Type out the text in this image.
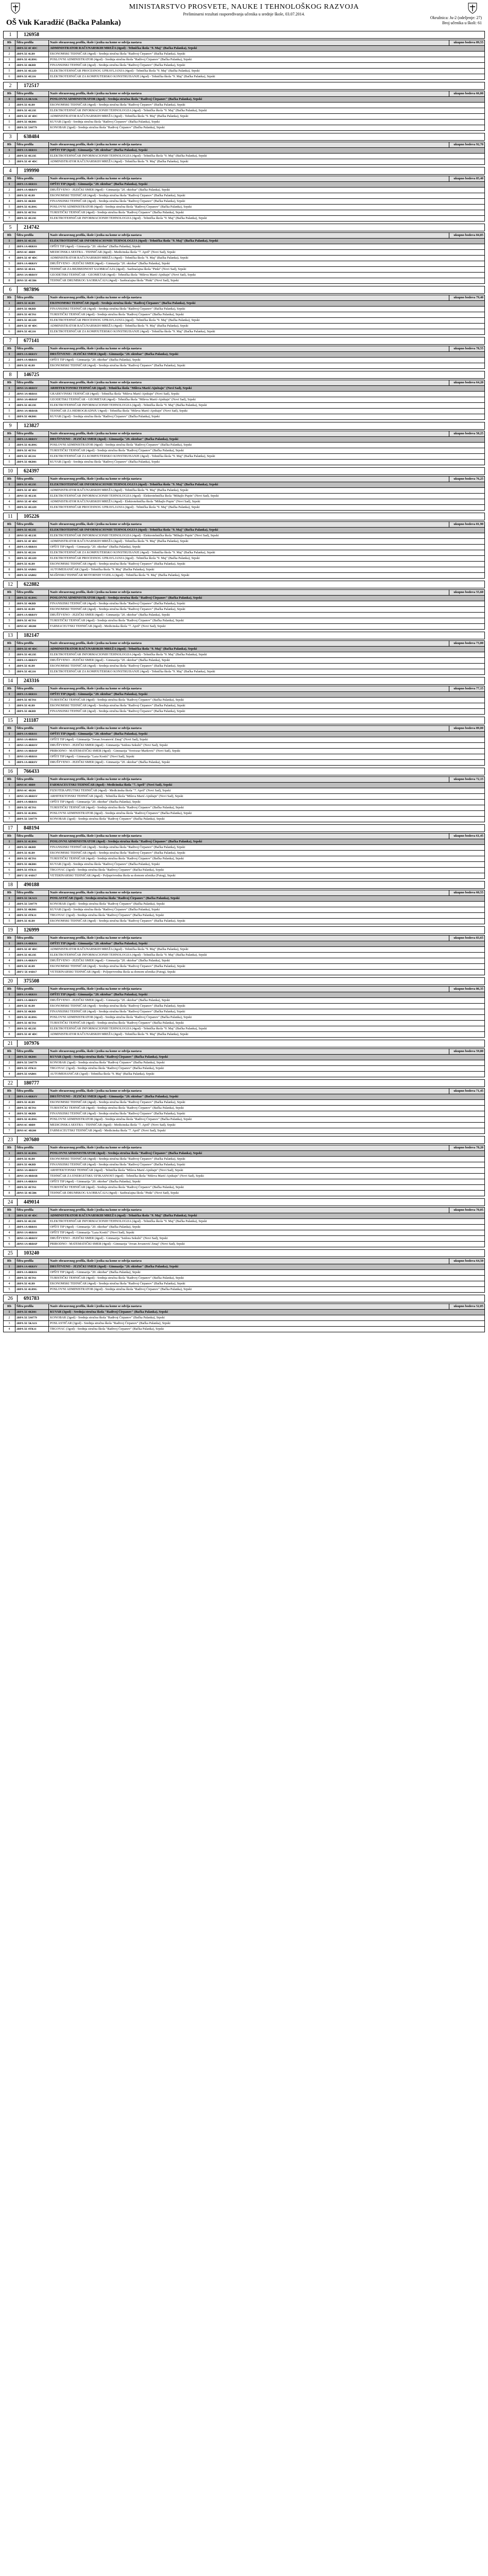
MINISTARSTVO PROSVETE, NAUKE I TEHNOLOŠKOG RAZVOJA
Preliminarni rezultati raspoređivanja učenika u srednje škole, 03.07.2014.
OŠ Vuk Karadžić (Bačka Palanka)
Okružnica: Ju-2 (odeljenje: 27)
Broj učenika u školi: 61
1	126958
Rb	Šifra profila	Naziv obrazovnog profila, škole i jezika na kome se odvija nastava	ukupno bodova 89,55
1	2BPA 5E 4F 4DC	ADMINISTRATOR RAČUNARSKIH MREŽA (4god) - Tehnička škola "9. Maj" (Bačka Palanka), Srpski	
2	2BPA 5E 4LB9	EKONOMSKI TEHNIČAR (4god) - Srednja stručna škola "Radivoj Ćirpanov" (Bačka Palanka), Srpski	
3	2BPA 5E 4LB9G	POSLOVNI ADMINISTRATOR (4god) - Srednja stručna škola "Radivoj Ćirpanov" (Bačka Palanka), Srpski	
4	2BPA 5E 4KBD	FINANSIJSKI TEHNIČAR (4god) - Srednja stručna škola "Radivoj Ćirpanov" (Bačka Palanka), Srpski	
5	2BPA 5E 4E22D	ELEKTROTEHNIČAR PROCESNOG UPRAVLJANJA (4god) - Tehnička škola "9. Maj" (Bačka Palanka), Srpski	
6	2BPA 5E 4E216	ELEKTROTEHNIČAR ZA KOMPJUTERSKO KONSTRUISANJE (4god) - Tehnička škola "9. Maj" (Bačka Palanka), Srpski	
2	172517
Rb	Šifra profila	Naziv obrazovnog profila, škole i jezika na kome se odvija nastava	ukupno bodova 66,00
1	2BPA 1A 4KA1K	POSLOVNI ADMINISTRATOR (4god) - Srednja stručna škola "Radivoj Ćirpanov" (Bačka Palanka), Srpski	
2	2BPA 5E 4LB9	EKONOMSKI TEHNIČAR (4god) - Srednja stručna škola "Radivoj Ćirpanov" (Bačka Palanka), Srpski	
3	2BPA 5E 4E23E	ELEKTROTEHNIČAR INFORMACIONIH TEHNOLOGIJA (4god) - Tehnička škola "9. Maj" (Bačka Palanka), Srpski	
4	2BPA 5E 4F 4DC	ADMINISTRATOR RAČUNARSKIH MREŽA (4god) - Tehnička škola "9. Maj" (Bačka Palanka), Srpski	
5	2BPA 5E 4KB01	KUVAR (3god) - Srednja stručna škola "Radivoj Ćirpanov" (Bačka Palanka), Srpski	
6	2BPA 5E 5S0779	KONOBAR (3god) - Srednja stručna škola "Radivoj Ćirpanov" (Bačka Palanka), Srpski	
3	638484
Rb	Šifra profila	Naziv obrazovnog profila, škole i jezika na kome se odvija nastava	ukupno bodova 92,70
1	2BPA 1A 4RRSS	OPŠTI TIP (4god) - Gimnazija "20. oktobar" (Bačka Palanka), Srpski	
2	2BPA 5E 4E23E	ELEKTROTEHNIČAR INFORMACIONIH TEHNOLOGIJA (4god) - Tehnička škola "9. Maj" (Bačka Palanka), Srpski	
3	2BPA 5E 4F 4DC	ADMINISTRATOR RAČUNARSKIH MREŽA (4god) - Tehnička škola "9. Maj" (Bačka Palanka), Srpski	
4	199990
Rb	Šifra profila	Naziv obrazovnog profila, škole i jezika na kome se odvija nastava	ukupno bodova 85,40
1	2BPA 1A 4RRSS	OPŠTI TIP (4god) - Gimnazija "20. oktobar" (Bačka Palanka), Srpski	
2	2BPA 1A 4RRSV	DRUŠTVENO - JEZIČKI SMER (4god) - Gimnazija "20. oktobar" (Bačka Palanka), Srpski	
3	2BPA 5E 4LB9	EKONOMSKI TEHNIČAR (4god) - Srednja stručna škola "Radivoj Ćirpanov" (Bačka Palanka), Srpski	
4	2BPA 5E 4KBD	FINANSIJSKI TEHNIČAR (4god) - Srednja stručna škola "Radivoj Ćirpanov" (Bačka Palanka), Srpski	
5	2BPA 5E 4LB9G	POSLOVNI ADMINISTRATOR (4god) - Srednja stručna škola "Radivoj Ćirpanov" (Bačka Palanka), Srpski	
6	2BPA 5E 4ET61	TURISTIČKI TEHNIČAR (4god) - Srednja stručna škola "Radivoj Ćirpanov" (Bačka Palanka), Srpski	
7	2BPA 5E 4E23E	ELEKTROTEHNIČAR INFORMACIONIH TEHNOLOGIJA (4god) - Tehnička škola "9. Maj" (Bačka Palanka), Srpski	
5	214742
Rb	Šifra profila	Naziv obrazovnog profila, škole i jezika na kome se odvija nastava	ukupno bodova 84,85
1	2BPA 5E 4E23E	ELEKTROTEHNIČAR INFORMACIONIH TEHNOLOGIJA (4god) - Tehnička škola "9. Maj" (Bačka Palanka), Srpski	
2	2BPA 1A 4RRSS	OPŠTI TIP (4god) - Gimnazija "20. oktobar" (Bačka Palanka), Srpski	
3	2BNS 6C 4BB9	MEDICINSKA SESTRA - TEHNIČAR (4god) - Medicinska škola "7. April" (Novi Sad), Srpski	
4	2BPA 5E 4F 4DC	ADMINISTRATOR RAČUNARSKIH MREŽA (4god) - Tehnička škola "9. Maj" (Bačka Palanka), Srpski	
5	2BPA 1A 4RRSV	DRUŠTVENO - JEZIČKI SMER (4god) - Gimnazija "20. oktobar" (Bačka Palanka), Srpski	
6	2BNS 5E 4E4A	TEHNIČAR ZA BEZBEDNOST SAOBRAĆAJA (4god) - Saobraćajna škola "Pinki" (Novi Sad), Srpski	
7	2BNS 3A 4RRSV	GEODETSKI TEHNIČAR - GEOMETAR (4god) - Tehnička škola "Mileva Marić-Ajnštajn" (Novi Sad), Srpski	
8	2BNS 5E 4E5B6	TEHNIČAR DRUMSKOG SAOBRAĆAJA (4god) - Saobraćajna škola "Pinki" (Novi Sad), Srpski	
6	987896
Rb	Šifra profila	Naziv obrazovnog profila, škole i jezika na kome se odvija nastava	ukupno bodova 79,40
1	2BPA 5E 4LB9	EKONOMSKI TEHNIČAR (4god) - Srednja stručna škola "Radivoj Ćirpanov" (Bačka Palanka), Srpski	
2	2BPA 5E 4KBD	FINANSIJSKI TEHNIČAR (4god) - Srednja stručna škola "Radivoj Ćirpanov" (Bačka Palanka), Srpski	
3	2BPA 5E 4ET61	TURISTIČKI TEHNIČAR (4god) - Srednja stručna škola "Radivoj Ćirpanov" (Bačka Palanka), Srpski	
4	2BPA 5E 4E22D	ELEKTROTEHNIČAR PROCESNOG UPRAVLJANJA (4god) - Tehnička škola "9. Maj" (Bačka Palanka), Srpski	
5	2BPA 5E 4F 4DC	ADMINISTRATOR RAČUNARSKIH MREŽA (4god) - Tehnička škola "9. Maj" (Bačka Palanka), Srpski	
6	2BPA 5E 4E216	ELEKTROTEHNIČAR ZA KOMPJUTERSKO KONSTRUISANJE (4god) - Tehnička škola "9. Maj" (Bačka Palanka), Srpski	
7	677141
Rb	Šifra profila	Naziv obrazovnog profila, škole i jezika na kome se odvija nastava	ukupno bodova 78,55
1	2BPA 1A 4RRSV	DRUŠTVENO - JEZIČKI SMER (4god) - Gimnazija "20. oktobar" (Bačka Palanka), Srpski	
2	2BPA 1A 4RRSS	OPŠTI TIP (4god) - Gimnazija "20. oktobar" (Bačka Palanka), Srpski	
3	2BPA 5E 4LB9	EKONOMSKI TEHNIČAR (4god) - Srednja stručna škola "Radivoj Ćirpanov" (Bačka Palanka), Srpski	
8	146725
Rb	Šifra profila	Naziv obrazovnog profila, škole i jezika na kome se odvija nastava	ukupno bodova 64,20
1	2BNS 3A 4RRSV	ARHITEKTONSKI TEHNIČAR (4god) - Tehnička škola "Mileva Marić-Ajnštajn" (Novi Sad), Srpski	
2	2BNS 3A 4RRSS	GRAĐEVINSKI TEHNIČAR (4god) - Tehnička škola "Mileva Marić-Ajnštajn" (Novi Sad), Srpski	
3	2BNS 3A 4RRSP	GEODETSKI TEHNIČAR - GEOMETAR (4god) - Tehnička škola "Mileva Marić-Ajnštajn" (Novi Sad), Srpski	
4	2BPA 5E 4E23E	ELEKTROTEHNIČAR INFORMACIONIH TEHNOLOGIJA (4god) - Tehnička škola "9. Maj" (Bačka Palanka), Srpski	
5	2BNS 3A 4RRSR	TEHNIČAR ZA HIDROGRADNJU (4god) - Tehnička škola "Mileva Marić-Ajnštajn" (Novi Sad), Srpski	
6	2BPA 5E 4KB01	KUVAR (3god) - Srednja stručna škola "Radivoj Ćirpanov" (Bačka Palanka), Srpski	
9	123827
Rb	Šifra profila	Naziv obrazovnog profila, škole i jezika na kome se odvija nastava	ukupno bodova 58,25
1	2BPA 1A 4RRSV	DRUŠTVENO - JEZIČKI SMER (4god) - Gimnazija "20. oktobar" (Bačka Palanka), Srpski	
2	2BPA 5E 4LB9G	POSLOVNI ADMINISTRATOR (4god) - Srednja stručna škola "Radivoj Ćirpanov" (Bačka Palanka), Srpski	
3	2BPA 5E 4ET61	TURISTIČKI TEHNIČAR (4god) - Srednja stručna škola "Radivoj Ćirpanov" (Bačka Palanka), Srpski	
4	2BPA 5E 4E216	ELEKTROTEHNIČAR ZA KOMPJUTERSKO KONSTRUISANJE (4god) - Tehnička škola "9. Maj" (Bačka Palanka), Srpski	
5	2BPA 5E 4KB01	KUVAR (3god) - Srednja stručna škola "Radivoj Ćirpanov" (Bačka Palanka), Srpski	
10	624397
Rb	Šifra profila	Naziv obrazovnog profila, škole i jezika na kome se odvija nastava	ukupno bodova 76,25
1	2BPA 5E 4E23E	ELEKTROTEHNIČAR INFORMACIONIH TEHNOLOGIJA (4god) - Tehnička škola "9. Maj" (Bačka Palanka), Srpski	
2	2BPA 5E 4F 4DC	ADMINISTRATOR RAČUNARSKIH MREŽA (4god) - Tehnička škola "9. Maj" (Bačka Palanka), Srpski	
3	2BNS 5E 4E23E	ELEKTROTEHNIČAR INFORMACIONIH TEHNOLOGIJA (4god) - Elektrotehnička škola "Mihajlo Pupin" (Novi Sad), Srpski	
4	2BNS 5E 4F 4DC	ADMINISTRATOR RAČUNARSKIH MREŽA (4god) - Elektrotehnička škola "Mihajlo Pupin" (Novi Sad), Srpski	
5	2BPA 5E 4E22D	ELEKTROTEHNIČAR PROCESNOG UPRAVLJANJA (4god) - Tehnička škola "9. Maj" (Bačka Palanka), Srpski	
11	105226
Rb	Šifra profila	Naziv obrazovnog profila, škole i jezika na kome se odvija nastava	ukupno bodova 81,90
1	2BPA 5E 4E23E	ELEKTROTEHNIČAR INFORMACIONIH TEHNOLOGIJA (4god) - Tehnička škola "9. Maj" (Bačka Palanka), Srpski	
2	2BNS 5E 4E23E	ELEKTROTEHNIČAR INFORMACIONIH TEHNOLOGIJA (4god) - Elektrotehnička škola "Mihajlo Pupin" (Novi Sad), Srpski	
3	2BPA 5E 4F 4DC	ADMINISTRATOR RAČUNARSKIH MREŽA (4god) - Tehnička škola "9. Maj" (Bačka Palanka), Srpski	
4	2BPA 1A 4RRSS	OPŠTI TIP (4god) - Gimnazija "20. oktobar" (Bačka Palanka), Srpski	
5	2BPA 5E 4E216	ELEKTROTEHNIČAR ZA KOMPJUTERSKO KONSTRUISANJE (4god) - Tehnička škola "9. Maj" (Bačka Palanka), Srpski	
6	2BPA 5E 4E22D	ELEKTROTEHNIČAR PROCESNOG UPRAVLJANJA (4god) - Tehnička škola "9. Maj" (Bačka Palanka), Srpski	
7	2BPA 5E 4LB9	EKONOMSKI TEHNIČAR (4god) - Srednja stručna škola "Radivoj Ćirpanov" (Bačka Palanka), Srpski	
8	2BPA 5E 4AB01	AUTOMEHANIČAR (3god) - Tehnička škola "9. Maj" (Bačka Palanka), Srpski	
9	2BPA 5E 4AB02	MAŠINSKI TEHNIČAR MOTORNIH VOZILA (4god) - Tehnička škola "9. Maj" (Bačka Palanka), Srpski	
12	622882
Rb	Šifra profila	Naziv obrazovnog profila, škole i jezika na kome se odvija nastava	ukupno bodova 55,60
1	2BPA 5E 4LB9G	POSLOVNI ADMINISTRATOR (4god) - Srednja stručna škola "Radivoj Ćirpanov" (Bačka Palanka), Srpski	
2	2BPA 5E 4KBD	FINANSIJSKI TEHNIČAR (4god) - Srednja stručna škola "Radivoj Ćirpanov" (Bačka Palanka), Srpski	
3	2BPA 5E 4LB9	EKONOMSKI TEHNIČAR (4god) - Srednja stručna škola "Radivoj Ćirpanov" (Bačka Palanka), Srpski	
4	2BPA 1A 4RRSV	DRUŠTVENO - JEZIČKI SMER (4god) - Gimnazija "20. oktobar" (Bačka Palanka), Srpski	
5	2BPA 5E 4ET61	TURISTIČKI TEHNIČAR (4god) - Srednja stručna škola "Radivoj Ćirpanov" (Bačka Palanka), Srpski	
6	2BNS 6C 4B200	FARMACEUTSKI TEHNIČAR (4god) - Medicinska škola "7. April" (Novi Sad), Srpski	
13	182147
Rb	Šifra profila	Naziv obrazovnog profila, škole i jezika na kome se odvija nastava	ukupno bodova 73,00
1	2BPA 5E 4F 4DC	ADMINISTRATOR RAČUNARSKIH MREŽA (4god) - Tehnička škola "9. Maj" (Bačka Palanka), Srpski	
2	2BPA 5E 4E23E	ELEKTROTEHNIČAR INFORMACIONIH TEHNOLOGIJA (4god) - Tehnička škola "9. Maj" (Bačka Palanka), Srpski	
3	2BPA 1A 4RRSV	DRUŠTVENO - JEZIČKI SMER (4god) - Gimnazija "20. oktobar" (Bačka Palanka), Srpski	
4	2BPA 5E 4LB9	EKONOMSKI TEHNIČAR (4god) - Srednja stručna škola "Radivoj Ćirpanov" (Bačka Palanka), Srpski	
5	2BPA 5E 4E216	ELEKTROTEHNIČAR ZA KOMPJUTERSKO KONSTRUISANJE (4god) - Tehnička škola "9. Maj" (Bačka Palanka), Srpski	
14	243316
Rb	Šifra profila	Naziv obrazovnog profila, škole i jezika na kome se odvija nastava	ukupno bodova 77,15
1	2BPA 1A 4RRSS	OPŠTI TIP (4god) - Gimnazija "20. oktobar" (Bačka Palanka), Srpski	
2	2BPA 5E 4ET61	TURISTIČKI TEHNIČAR (4god) - Srednja stručna škola "Radivoj Ćirpanov" (Bačka Palanka), Srpski	
3	2BPA 5E 4LB9	EKONOMSKI TEHNIČAR (4god) - Srednja stručna škola "Radivoj Ćirpanov" (Bačka Palanka), Srpski	
4	2BPA 5E 4KBD	FINANSIJSKI TEHNIČAR (4god) - Srednja stručna škola "Radivoj Ćirpanov" (Bačka Palanka), Srpski	
15	211187
Rb	Šifra profila	Naziv obrazovnog profila, škole i jezika na kome se odvija nastava	ukupno bodova 89,00
1	2BPA 1A 4RRSS	OPŠTI TIP (4god) - Gimnazija "20. oktobar" (Bačka Palanka), Srpski	
2	2BNS 1A 4RRSS	OPŠTI TIP (4god) - Gimnazija "Jovan Jovanović Zmaj" (Novi Sad), Srpski	
3	2BNS 1A 4RRSV	DRUŠTVENO - JEZIČKI SMER (4god) - Gimnazija "Isidora Sekulić" (Novi Sad), Srpski	
4	2BNS 1A 4RRSP	PRIRODNO - MATEMATIČKI SMER (4god) - Gimnazija "Svetozar Marković" (Novi Sad), Srpski	
5	2BNS 1A 4RRSS	OPŠTI TIP (4god) - Gimnazija "Laza Kostić" (Novi Sad), Srpski	
6	2BPA 1A 4RRSV	DRUŠTVENO - JEZIČKI SMER (4god) - Gimnazija "20. oktobar" (Bačka Palanka), Srpski	
16	766433
Rb	Šifra profila	Naziv obrazovnog profila, škole i jezika na kome se odvija nastava	ukupno bodova 72,15
1	2BNS 6C 4BB9	FARMACEUTSKI TEHNIČAR (4god) - Medicinska škola "7. April" (Novi Sad), Srpski	
2	2BNS 6C 4B201	FIZIOTERAPEUTSKI TEHNIČAR (4god) - Medicinska škola "7. April" (Novi Sad), Srpski	
3	2BNS 3A 4RRSV	ARHITEKTONSKI TEHNIČAR (4god) - Tehnička škola "Mileva Marić-Ajnštajn" (Novi Sad), Srpski	
4	2BPA 1A 4RRSS	OPŠTI TIP (4god) - Gimnazija "20. oktobar" (Bačka Palanka), Srpski	
5	2BPA 5E 4ET61	TURISTIČKI TEHNIČAR (4god) - Srednja stručna škola "Radivoj Ćirpanov" (Bačka Palanka), Srpski	
6	2BPA 5E 4LB9G	POSLOVNI ADMINISTRATOR (4god) - Srednja stručna škola "Radivoj Ćirpanov" (Bačka Palanka), Srpski	
7	2BPA 5E 5S0779	KONOBAR (3god) - Srednja stručna škola "Radivoj Ćirpanov" (Bačka Palanka), Srpski	
17	848194
Rb	Šifra profila	Naziv obrazovnog profila, škole i jezika na kome se odvija nastava	ukupno bodova 61,45
1	2BPA 5E 4LB9G	POSLOVNI ADMINISTRATOR (4god) - Srednja stručna škola "Radivoj Ćirpanov" (Bačka Palanka), Srpski	
2	2BPA 5E 4KBD	FINANSIJSKI TEHNIČAR (4god) - Srednja stručna škola "Radivoj Ćirpanov" (Bačka Palanka), Srpski	
3	2BPA 5E 4LB9	EKONOMSKI TEHNIČAR (4god) - Srednja stručna škola "Radivoj Ćirpanov" (Bačka Palanka), Srpski	
4	2BPA 5E 4ET61	TURISTIČKI TEHNIČAR (4god) - Srednja stručna škola "Radivoj Ćirpanov" (Bačka Palanka), Srpski	
5	2BPA 5E 4KB01	KUVAR (3god) - Srednja stručna škola "Radivoj Ćirpanov" (Bačka Palanka), Srpski	
6	2BPA 5E 4TK11	TRGOVAC (3god) - Srednja stručna škola "Radivoj Ćirpanov" (Bačka Palanka), Srpski	
7	2BFU 5E 4AB17	VETERINARSKI TEHNIČAR (4god) - Poljoprivredna škola sa domom učenika (Futog), Srpski	
18	490188
Rb	Šifra profila	Naziv obrazovnog profila, škole i jezika na kome se odvija nastava	ukupno bodova 60,55
1	2BPA 5E 5KA1S	POSLASTIČAR (3god) - Srednja stručna škola "Radivoj Ćirpanov" (Bačka Palanka), Srpski	
2	2BPA 5E 5S0779	KONOBAR (3god) - Srednja stručna škola "Radivoj Ćirpanov" (Bačka Palanka), Srpski	
3	2BPA 5E 4KB01	KUVAR (3god) - Srednja stručna škola "Radivoj Ćirpanov" (Bačka Palanka), Srpski	
4	2BPA 5E 4TK11	TRGOVAC (3god) - Srednja stručna škola "Radivoj Ćirpanov" (Bačka Palanka), Srpski	
5	2BPA 5E 4LB9	EKONOMSKI TEHNIČAR (4god) - Srednja stručna škola "Radivoj Ćirpanov" (Bačka Palanka), Srpski	
19	126999
Rb	Šifra profila	Naziv obrazovnog profila, škole i jezika na kome se odvija nastava	ukupno bodova 83,65
1	2BPA 1A 4RRSS	OPŠTI TIP (4god) - Gimnazija "20. oktobar" (Bačka Palanka), Srpski	
2	2BPA 5E 4F 4DC	ADMINISTRATOR RAČUNARSKIH MREŽA (4god) - Tehnička škola "9. Maj" (Bačka Palanka), Srpski	
3	2BPA 5E 4E23E	ELEKTROTEHNIČAR INFORMACIONIH TEHNOLOGIJA (4god) - Tehnička škola "9. Maj" (Bačka Palanka), Srpski	
4	2BPA 1A 4RRSV	DRUŠTVENO - JEZIČKI SMER (4god) - Gimnazija "20. oktobar" (Bačka Palanka), Srpski	
5	2BPA 5E 4LB9	EKONOMSKI TEHNIČAR (4god) - Srednja stručna škola "Radivoj Ćirpanov" (Bačka Palanka), Srpski	
6	2BFU 5E 4AB17	VETERINARSKI TEHNIČAR (4god) - Poljoprivredna škola sa domom učenika (Futog), Srpski	
20	375508
Rb	Šifra profila	Naziv obrazovnog profila, škole i jezika na kome se odvija nastava	ukupno bodova 86,35
1	2BPA 1A 4RRSS	OPŠTI TIP (4god) - Gimnazija "20. oktobar" (Bačka Palanka), Srpski	
2	2BPA 1A 4RRSV	DRUŠTVENO - JEZIČKI SMER (4god) - Gimnazija "20. oktobar" (Bačka Palanka), Srpski	
3	2BPA 5E 4LB9	EKONOMSKI TEHNIČAR (4god) - Srednja stručna škola "Radivoj Ćirpanov" (Bačka Palanka), Srpski	
4	2BPA 5E 4KBD	FINANSIJSKI TEHNIČAR (4god) - Srednja stručna škola "Radivoj Ćirpanov" (Bačka Palanka), Srpski	
5	2BPA 5E 4LB9G	POSLOVNI ADMINISTRATOR (4god) - Srednja stručna škola "Radivoj Ćirpanov" (Bačka Palanka), Srpski	
6	2BPA 5E 4ET61	TURISTIČKI TEHNIČAR (4god) - Srednja stručna škola "Radivoj Ćirpanov" (Bačka Palanka), Srpski	
7	2BPA 5E 4E23E	ELEKTROTEHNIČAR INFORMACIONIH TEHNOLOGIJA (4god) - Tehnička škola "9. Maj" (Bačka Palanka), Srpski	
8	2BPA 5E 4F 4DC	ADMINISTRATOR RAČUNARSKIH MREŽA (4god) - Tehnička škola "9. Maj" (Bačka Palanka), Srpski	
21	107976
Rb	Šifra profila	Naziv obrazovnog profila, škole i jezika na kome se odvija nastava	ukupno bodova 59,80
1	2BPA 5E 4KB01	KUVAR (3god) - Srednja stručna škola "Radivoj Ćirpanov" (Bačka Palanka), Srpski	
2	2BPA 5E 5S0779	KONOBAR (3god) - Srednja stručna škola "Radivoj Ćirpanov" (Bačka Palanka), Srpski	
3	2BPA 5E 4TK11	TRGOVAC (3god) - Srednja stručna škola "Radivoj Ćirpanov" (Bačka Palanka), Srpski	
4	2BPA 5E 4AB01	AUTOMEHANIČAR (3god) - Tehnička škola "9. Maj" (Bačka Palanka), Srpski	
22	180777
Rb	Šifra profila	Naziv obrazovnog profila, škole i jezika na kome se odvija nastava	ukupno bodova 71,45
1	2BPA 1A 4RRSV	DRUŠTVENO - JEZIČKI SMER (4god) - Gimnazija "20. oktobar" (Bačka Palanka), Srpski	
2	2BPA 5E 4LB9	EKONOMSKI TEHNIČAR (4god) - Srednja stručna škola "Radivoj Ćirpanov" (Bačka Palanka), Srpski	
3	2BPA 5E 4ET61	TURISTIČKI TEHNIČAR (4god) - Srednja stručna škola "Radivoj Ćirpanov" (Bačka Palanka), Srpski	
4	2BPA 5E 4KBD	FINANSIJSKI TEHNIČAR (4god) - Srednja stručna škola "Radivoj Ćirpanov" (Bačka Palanka), Srpski	
5	2BPA 5E 4LB9G	POSLOVNI ADMINISTRATOR (4god) - Srednja stručna škola "Radivoj Ćirpanov" (Bačka Palanka), Srpski	
6	2BNS 6C 4BB9	MEDICINSKA SESTRA - TEHNIČAR (4god) - Medicinska škola "7. April" (Novi Sad), Srpski	
7	2BNS 6C 4B200	FARMACEUTSKI TEHNIČAR (4god) - Medicinska škola "7. April" (Novi Sad), Srpski	
23	207680
Rb	Šifra profila	Naziv obrazovnog profila, škole i jezika na kome se odvija nastava	ukupno bodova 78,20
1	2BPA 5E 4LB9G	POSLOVNI ADMINISTRATOR (4god) - Srednja stručna škola "Radivoj Ćirpanov" (Bačka Palanka), Srpski	
2	2BPA 5E 4LB9	EKONOMSKI TEHNIČAR (4god) - Srednja stručna škola "Radivoj Ćirpanov" (Bačka Palanka), Srpski	
3	2BPA 5E 4KBD	FINANSIJSKI TEHNIČAR (4god) - Srednja stručna škola "Radivoj Ćirpanov" (Bačka Palanka), Srpski	
4	2BNS 3A 4RRSV	ARHITEKTONSKI TEHNIČAR (4god) - Tehnička škola "Mileva Marić-Ajnštajn" (Novi Sad), Srpski	
5	2BNS 3A 4RRSB	TEHNIČAR ZA ENERGETSKU EFIKASNOST (4god) - Tehnička škola "Mileva Marić-Ajnštajn" (Novi Sad), Srpski	
6	2BPA 1A 4RRSS	OPŠTI TIP (4god) - Gimnazija "20. oktobar" (Bačka Palanka), Srpski	
7	2BPA 5E 4ET61	TURISTIČKI TEHNIČAR (4god) - Srednja stručna škola "Radivoj Ćirpanov" (Bačka Palanka), Srpski	
8	2BNS 5E 4E5B6	TEHNIČAR DRUMSKOG SAOBRAĆAJA (4god) - Saobraćajna škola "Pinki" (Novi Sad), Srpski	
24	449014
Rb	Šifra profila	Naziv obrazovnog profila, škole i jezika na kome se odvija nastava	ukupno bodova 70,05
1	2BPA 5E 4F 4DC	ADMINISTRATOR RAČUNARSKIH MREŽA (4god) - Tehnička škola "9. Maj" (Bačka Palanka), Srpski	
2	2BPA 5E 4E23E	ELEKTROTEHNIČAR INFORMACIONIH TEHNOLOGIJA (4god) - Tehnička škola "9. Maj" (Bačka Palanka), Srpski	
3	2BPA 1A 4RRSS	OPŠTI TIP (4god) - Gimnazija "20. oktobar" (Bačka Palanka), Srpski	
4	2BNS 1A 4RRSS	OPŠTI TIP (4god) - Gimnazija "Laza Kostić" (Novi Sad), Srpski	
5	2BNS 1A 4RRSV	DRUŠTVENO - JEZIČKI SMER (4god) - Gimnazija "Isidora Sekulić" (Novi Sad), Srpski	
6	2BNS 1A 4RRSP	PRIRODNO - MATEMATIČKI SMER (4god) - Gimnazija "Jovan Jovanović Zmaj" (Novi Sad), Srpski	
25	103240
Rb	Šifra profila	Naziv obrazovnog profila, škole i jezika na kome se odvija nastava	ukupno bodova 64,50
1	2BPA 1A 4RRSV	DRUŠTVENO - JEZIČKI SMER (4god) - Gimnazija "20. oktobar" (Bačka Palanka), Srpski	
2	2BPA 1A 4RRSS	OPŠTI TIP (4god) - Gimnazija "20. oktobar" (Bačka Palanka), Srpski	
3	2BPA 5E 4ET61	TURISTIČKI TEHNIČAR (4god) - Srednja stručna škola "Radivoj Ćirpanov" (Bačka Palanka), Srpski	
4	2BPA 5E 4LB9	EKONOMSKI TEHNIČAR (4god) - Srednja stručna škola "Radivoj Ćirpanov" (Bačka Palanka), Srpski	
5	2BPA 5E 4LB9G	POSLOVNI ADMINISTRATOR (4god) - Srednja stručna škola "Radivoj Ćirpanov" (Bačka Palanka), Srpski	
26	691783
Rb	Šifra profila	Naziv obrazovnog profila, škole i jezika na kome se odvija nastava	ukupno bodova 52,05
1	2BPA 5E 4KB01	KUVAR (3god) - Srednja stručna škola "Radivoj Ćirpanov" (Bačka Palanka), Srpski	
2	2BPA 5E 5S0779	KONOBAR (3god) - Srednja stručna škola "Radivoj Ćirpanov" (Bačka Palanka), Srpski	
3	2BPA 5E 5KA1S	POSLASTIČAR (3god) - Srednja stručna škola "Radivoj Ćirpanov" (Bačka Palanka), Srpski	
4	2BPA 5E 4TK11	TRGOVAC (3god) - Srednja stručna škola "Radivoj Ćirpanov" (Bačka Palanka), Srpski	
